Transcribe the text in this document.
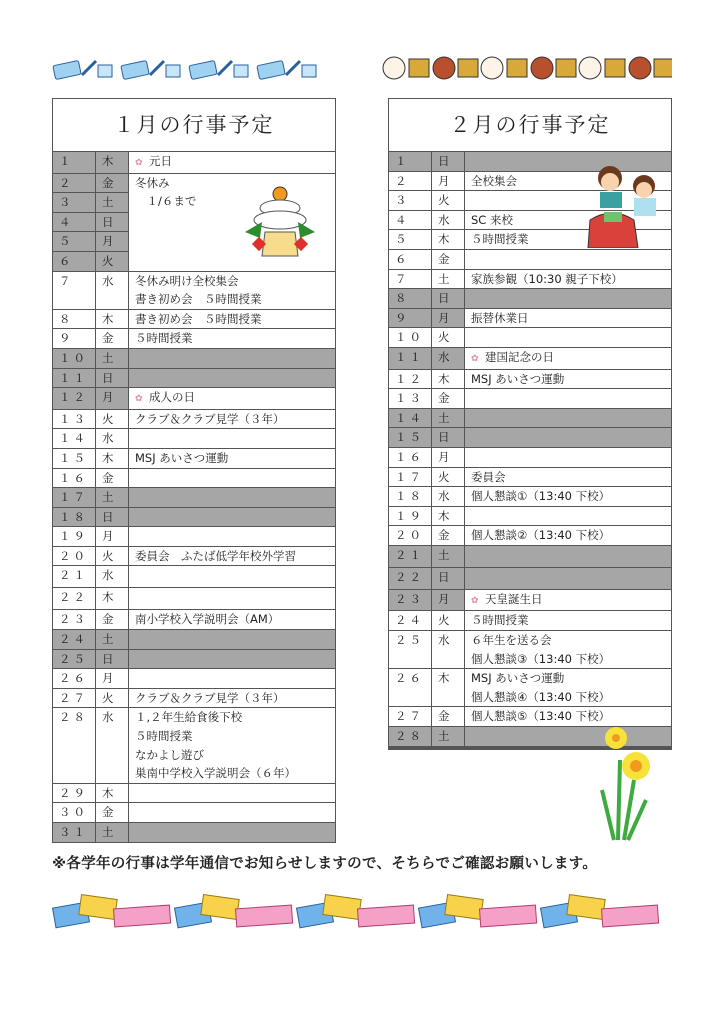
１月の行事予定		
１	木	✿ 元日

２	金	冬休み
　１/６まで

３	土	
４	日	
５	月	
６	火	
７	水	冬休み明け全校集会
書き初め会　５時間授業

８	木	書き初め会　５時間授業

９	金	５時間授業

１０	土	
１１	日	
１２	月	✿ 成人の日

１３	火	クラブ＆クラブ見学（３年）

１４	水	
１５	木	MSJ あいさつ運動

１６	金	
１７	土	
１８	日	
１９	月	
２０	火	委員会　ふたば低学年校外学習

２１	水	
２２	木	
２３	金	南小学校入学説明会（AM）

２４	土	
２５	日	
２６	月	
２７	火	クラブ＆クラブ見学（３年）

２８	水	１,２年生給食後下校
５時間授業
なかよし遊び
巣南中学校入学説明会（６年）

２９	木	
３０	金	
３１	土	
２月の行事予定		
１	日	
２	月	全校集会

３	火	
４	水	SC 来校

５	木	５時間授業

６	金	
７	土	家族参観（10:30 親子下校）

８	日	
９	月	振替休業日

１０	火	
１１	水	✿ 建国記念の日

１２	木	MSJ あいさつ運動

１３	金	
１４	土	
１５	日	
１６	月	
１７	火	委員会

１８	水	個人懇談①（13:40 下校）

１９	木	
２０	金	個人懇談②（13:40 下校）

２１	土	
２２	日	
２３	月	✿ 天皇誕生日

２４	火	５時間授業

２５	水	６年生を送る会
個人懇談③（13:40 下校）

２６	木	MSJ あいさつ運動
個人懇談④（13:40 下校）

２７	金	個人懇談⑤（13:40 下校）

２８	土	

※各学年の行事は学年通信でお知らせしますので、そちらでご確認お願いします。
